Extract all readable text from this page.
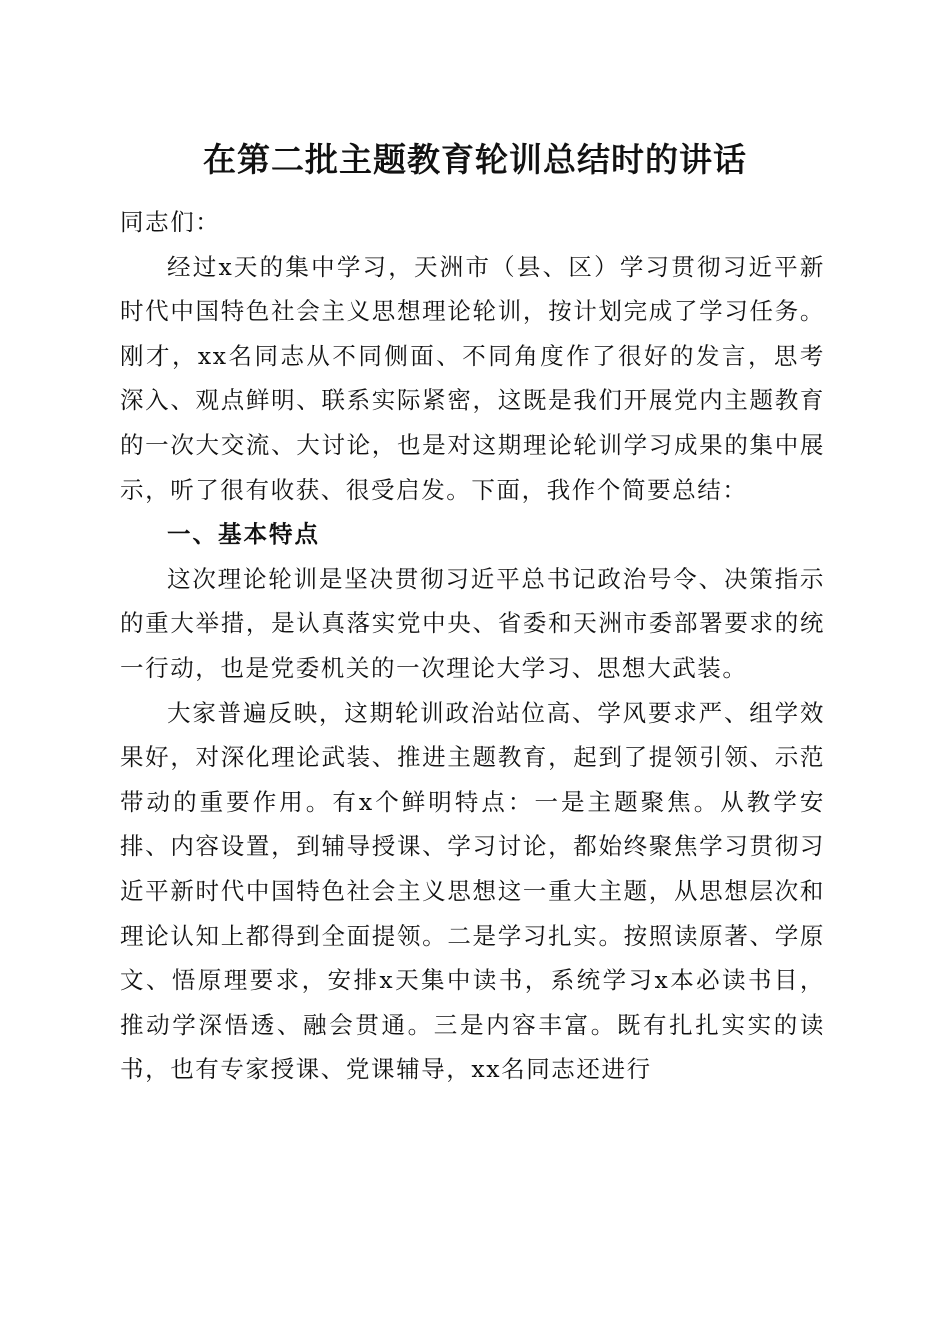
在第二批主题教育轮训总结时的讲话

同志们：

经过x天的集中学习，天洲市（县、区）学习贯彻习近平新时代中国特色社会主义思想理论轮训，按计划完成了学习任务。刚才，xx名同志从不同侧面、不同角度作了很好的发言，思考深入、观点鲜明、联系实际紧密，这既是我们开展党内主题教育的一次大交流、大讨论，也是对这期理论轮训学习成果的集中展示，听了很有收获、很受启发。下面，我作个简要总结：

一、基本特点

这次理论轮训是坚决贯彻习近平总书记政治号令、决策指示的重大举措，是认真落实党中央、省委和天洲市委部署要求的统一行动，也是党委机关的一次理论大学习、思想大武装。

大家普遍反映，这期轮训政治站位高、学风要求严、组学效果好，对深化理论武装、推进主题教育，起到了提领引领、示范带动的重要作用。有x个鲜明特点：一是主题聚焦。从教学安排、内容设置，到辅导授课、学习讨论，都始终聚焦学习贯彻习近平新时代中国特色社会主义思想这一重大主题，从思想层次和理论认知上都得到全面提领。二是学习扎实。按照读原著、学原文、悟原理要求，安排x天集中读书，系统学习x本必读书目，推动学深悟透、融会贯通。三是内容丰富。既有扎扎实实的读书，也有专家授课、党课辅导，xx名同志还进行
